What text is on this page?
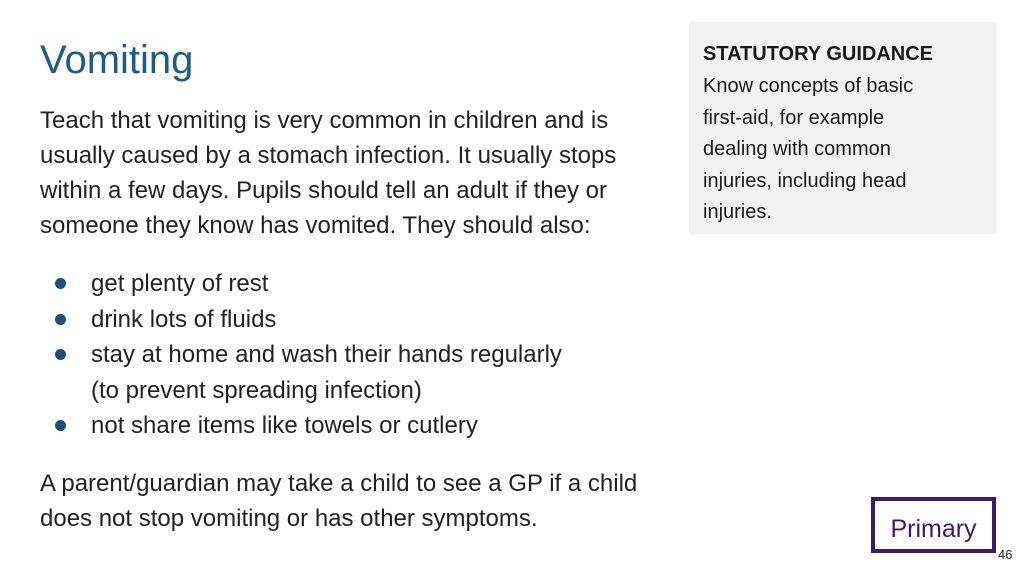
Vomiting

Teach that vomiting is very common in children and is usually caused by a stomach infection. It usually stops within a few days. Pupils should tell an adult if they or someone they know has vomited. They should also:

get plenty of rest
drink lots of fluids
stay at home and wash their hands regularly
(to prevent spreading infection)
not share items like towels or cutlery

A parent/guardian may take a child to see a GP if a child does not stop vomiting or has other symptoms.

STATUTORY GUIDANCE

Know concepts of basic first-aid, for example dealing with common injuries, including head injuries.

Primary
46
